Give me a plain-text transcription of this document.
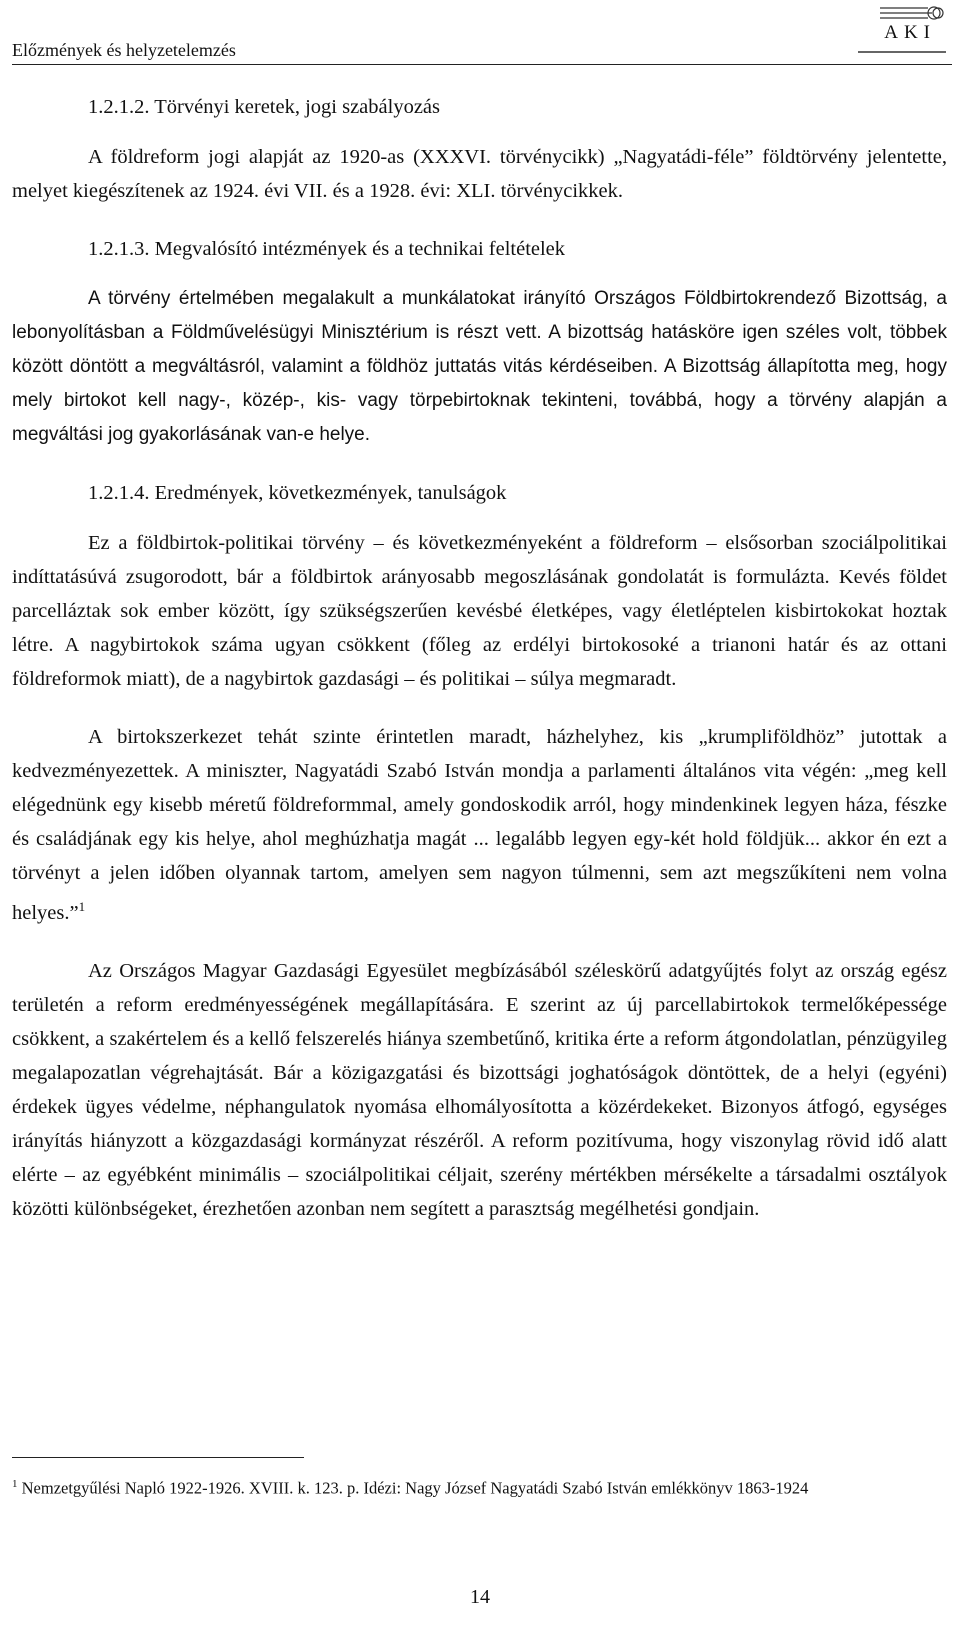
Előzmények és helyzetelemzés
AKI
1.2.1.2. Törvényi keretek, jogi szabályozás

A földreform jogi alapját az 1920-as (XXXVI. törvénycikk) „Nagyatádi-féle” földtörvény jelentette, melyet kiegészítenek az 1924. évi VII. és a 1928. évi: XLI. törvénycikkek.

1.2.1.3. Megvalósító intézmények és a technikai feltételek

A törvény értelmében megalakult a munkálatokat irányító Országos Földbirtokrendező Bizottság, a lebonyolításban a Földművelésügyi Minisztérium is részt vett. A bizottság hatásköre igen széles volt, többek között döntött a megváltásról, valamint a földhöz juttatás vitás kérdéseiben. A Bizottság állapította meg, hogy mely birtokot kell nagy-, közép-, kis- vagy törpebirtoknak tekinteni, továbbá, hogy a törvény alapján a megváltási jog gyakorlásának van-e helye.

1.2.1.4. Eredmények, következmények, tanulságok

Ez a földbirtok-politikai törvény – és következményeként a földreform – elsősorban szociálpolitikai indíttatásúvá zsugorodott, bár a földbirtok arányosabb megoszlásának gondolatát is formulázta. Kevés földet parcelláztak sok ember között, így szükségszerűen kevésbé életképes, vagy életléptelen kisbirtokokat hoztak létre. A nagybirtokok száma ugyan csökkent (főleg az erdélyi birtokosoké a trianoni határ és az ottani földreformok miatt), de a nagybirtok gazdasági – és politikai – súlya megmaradt.

A birtokszerkezet tehát szinte érintetlen maradt, házhelyhez, kis „krumpliföldhöz” jutottak a kedvezményezettek. A miniszter, Nagyatádi Szabó István mondja a parlamenti általános vita végén: „meg kell elégednünk egy kisebb méretű földreformmal, amely gondoskodik arról, hogy mindenkinek legyen háza, fészke és családjának egy kis helye, ahol meghúzhatja magát ... legalább legyen egy-két hold földjük... akkor én ezt a törvényt a jelen időben olyannak tartom, amelyen sem nagyon túlmenni, sem azt megszűkíteni nem volna helyes.”$^1$

Az Országos Magyar Gazdasági Egyesület megbízásából széleskörű adatgyűjtés folyt az ország egész területén a reform eredményességének megállapítására. E szerint az új parcellabirtokok termelőképessége csökkent, a szakértelem és a kellő felszerelés hiánya szembetűnő, kritika érte a reform átgondolatlan, pénzügyileg megalapozatlan végrehajtását. Bár a közigazgatási és bizottsági joghatóságok döntöttek, de a helyi (egyéni) érdekek ügyes védelme, néphangulatok nyomása elhomályosította a közérdekeket. Bizonyos átfogó, egységes irányítás hiányzott a közgazdasági kormányzat részéről. A reform pozitívuma, hogy viszonylag rövid idő alatt elérte – az egyébként minimális – szociálpolitikai céljait, szerény mértékben mérsékelte a társadalmi osztályok közötti különbségeket, érezhetően azonban nem segített a parasztság megélhetési gondjain.

$^1$ Nemzetgyűlési Napló 1922-1926. XVIII. k. 123. p. Idézi: Nagy József Nagyatádi Szabó István emlékkönyv 1863-1924
14
